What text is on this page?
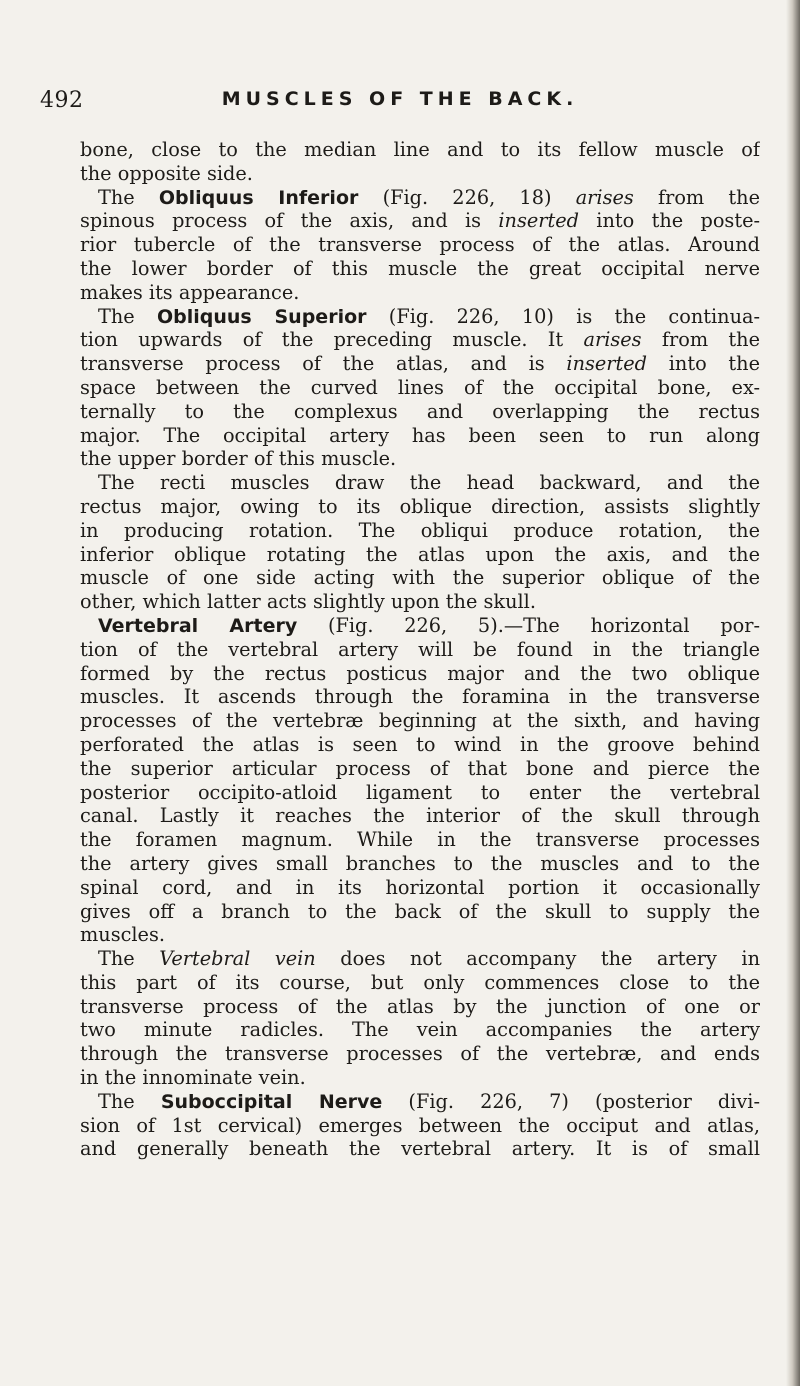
492	MUSCLES OF THE BACK.
bone, close to the median line and to its fellow muscle of
the opposite side.
The Obliquus Inferior (Fig. 226, 18) arises from the
spinous process of the axis, and is inserted into the poste-
rior tubercle of the transverse process of the atlas. Around
the lower border of this muscle the great occipital nerve
makes its appearance.
The Obliquus Superior (Fig. 226, 10) is the continua-
tion upwards of the preceding muscle. It arises from the
transverse process of the atlas, and is inserted into the
space between the curved lines of the occipital bone, ex-
ternally to the complexus and overlapping the rectus
major. The occipital artery has been seen to run along
the upper border of this muscle.
The recti muscles draw the head backward, and the
rectus major, owing to its oblique direction, assists slightly
in producing rotation. The obliqui produce rotation, the
inferior oblique rotating the atlas upon the axis, and the
muscle of one side acting with the superior oblique of the
other, which latter acts slightly upon the skull.
Vertebral Artery (Fig. 226, 5).—The horizontal por-
tion of the vertebral artery will be found in the triangle
formed by the rectus posticus major and the two oblique
muscles. It ascends through the foramina in the transverse
processes of the vertebræ beginning at the sixth, and having
perforated the atlas is seen to wind in the groove behind
the superior articular process of that bone and pierce the
posterior occipito-atloid ligament to enter the vertebral
canal. Lastly it reaches the interior of the skull through
the foramen magnum. While in the transverse processes
the artery gives small branches to the muscles and to the
spinal cord, and in its horizontal portion it occasionally
gives off a branch to the back of the skull to supply the
muscles.
The Vertebral vein does not accompany the artery in
this part of its course, but only commences close to the
transverse process of the atlas by the junction of one or
two minute radicles. The vein accompanies the artery
through the transverse processes of the vertebræ, and ends
in the innominate vein.
The Suboccipital Nerve (Fig. 226, 7) (posterior divi-
sion of 1st cervical) emerges between the occiput and atlas,
and generally beneath the vertebral artery. It is of small
